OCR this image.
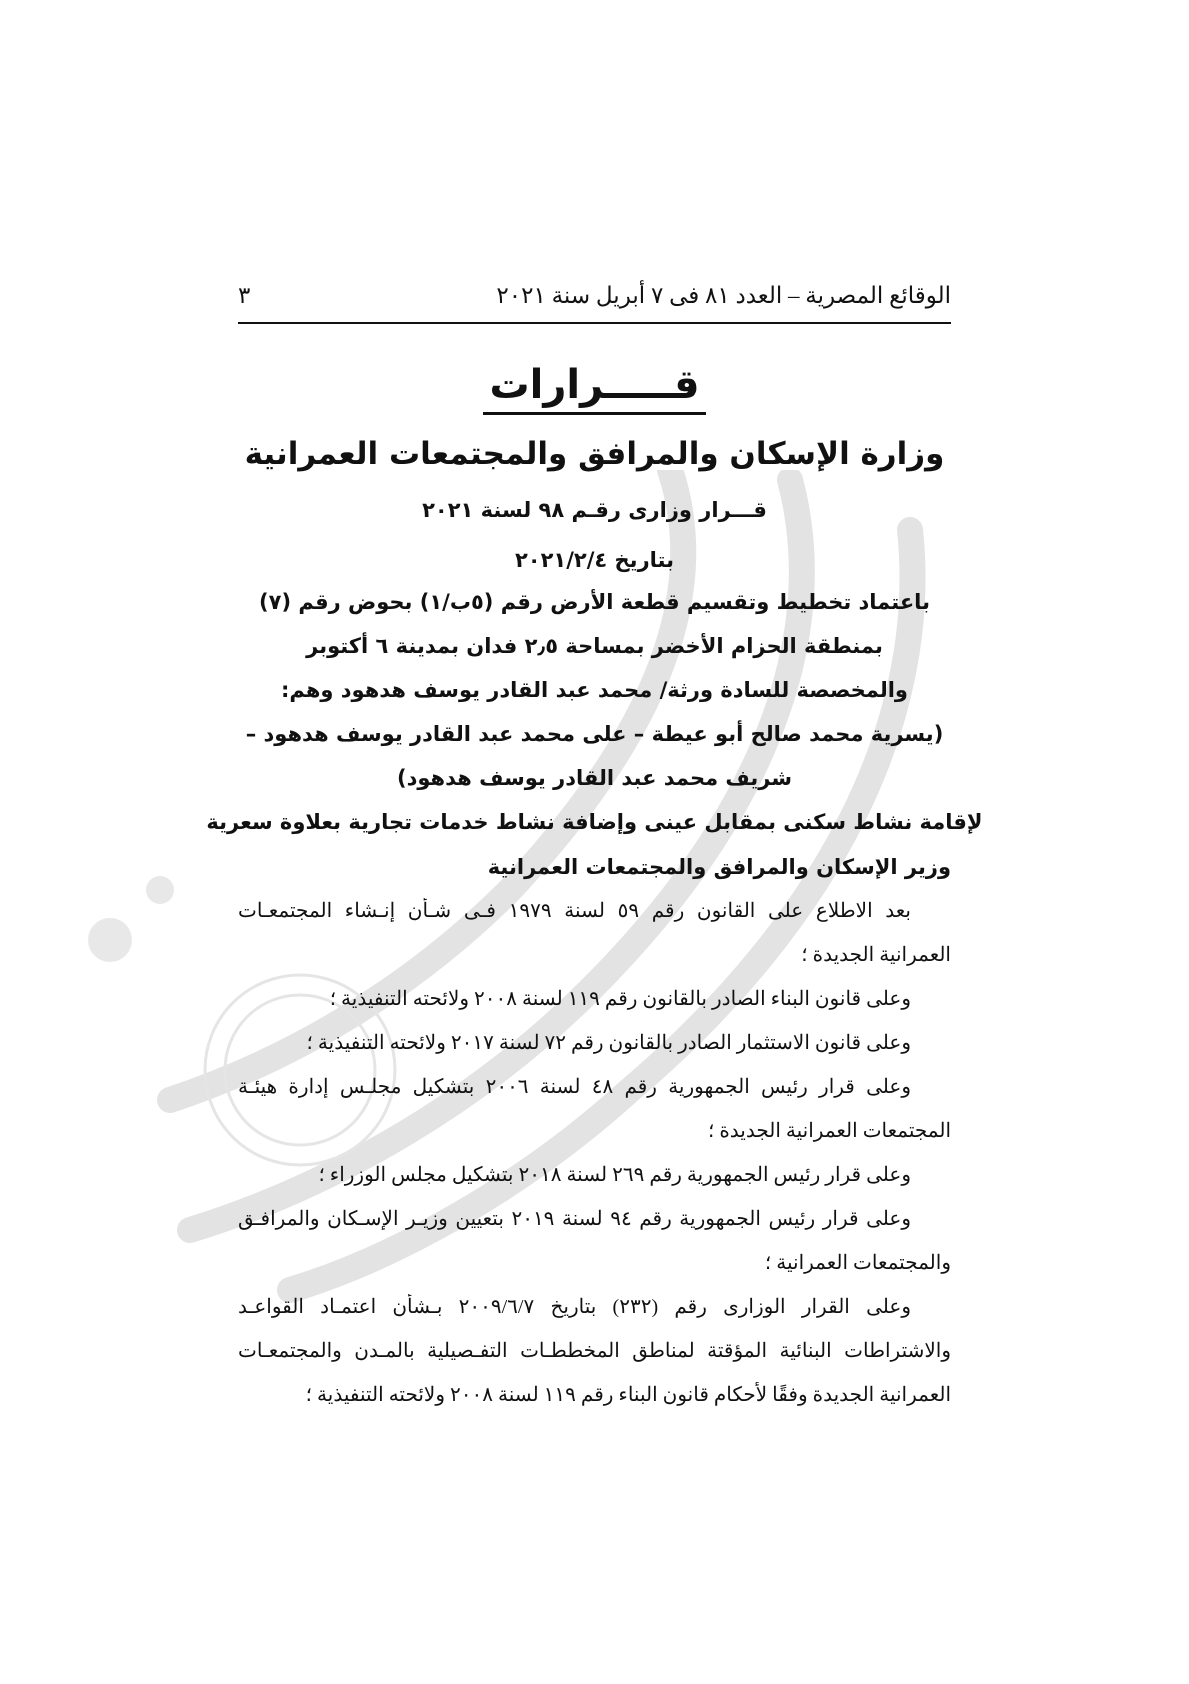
الوقائع المصرية – العدد ٨١ فى ٧ أبريل سنة ٢٠٢١
٣
قـــــرارات
وزارة الإسكان والمرافق والمجتمعات العمرانية
قـــرار وزارى رقـم ٩٨ لسنة ٢٠٢١
بتاريخ ٢٠٢١/٢/٤
باعتماد تخطيط وتقسيم قطعة الأرض رقم (٥ب/١) بحوض رقم (٧)
بمنطقة الحزام الأخضر بمساحة ٢٫٥ فدان بمدينة ٦ أكتوبر
والمخصصة للسادة ورثة/ محمد عبد القادر يوسف هدهود وهم:
(يسرية محمد صالح أبو عيطة – على محمد عبد القادر يوسف هدهود –
شريف محمد عبد القادر يوسف هدهود)
لإقامة نشاط سكنى بمقابل عينى وإضافة نشاط خدمات تجارية بعلاوة سعرية
وزير الإسكان والمرافق والمجتمعات العمرانية
بعد الاطلاع على القانون رقم ٥٩ لسنة ١٩٧٩ فـى شـأن إنـشاء المجتمعـات
العمرانية الجديدة ؛
وعلى قانون البناء الصادر بالقانون رقم ١١٩ لسنة ٢٠٠٨ ولائحته التنفيذية ؛
وعلى قانون الاستثمار الصادر بالقانون رقم ٧٢ لسنة ٢٠١٧ ولائحته التنفيذية ؛
وعلى قرار رئيس الجمهورية رقم ٤٨ لسنة ٢٠٠٦ بتشكيل مجلـس إدارة هيئـة
المجتمعات العمرانية الجديدة ؛
وعلى قرار رئيس الجمهورية رقم ٢٦٩ لسنة ٢٠١٨ بتشكيل مجلس الوزراء ؛
وعلى قرار رئيس الجمهورية رقم ٩٤ لسنة ٢٠١٩ بتعيين وزيـر الإسـكان والمرافـق
والمجتمعات العمرانية ؛
وعلى القرار الوزارى رقم (٢٣٢) بتاريخ ٢٠٠٩/٦/٧ بـشأن اعتمـاد القواعـد
والاشتراطات البنائية المؤقتة لمناطق المخططـات التفـصيلية بالمـدن والمجتمعـات
العمرانية الجديدة وفقًا لأحكام قانون البناء رقم ١١٩ لسنة ٢٠٠٨ ولائحته التنفيذية ؛
